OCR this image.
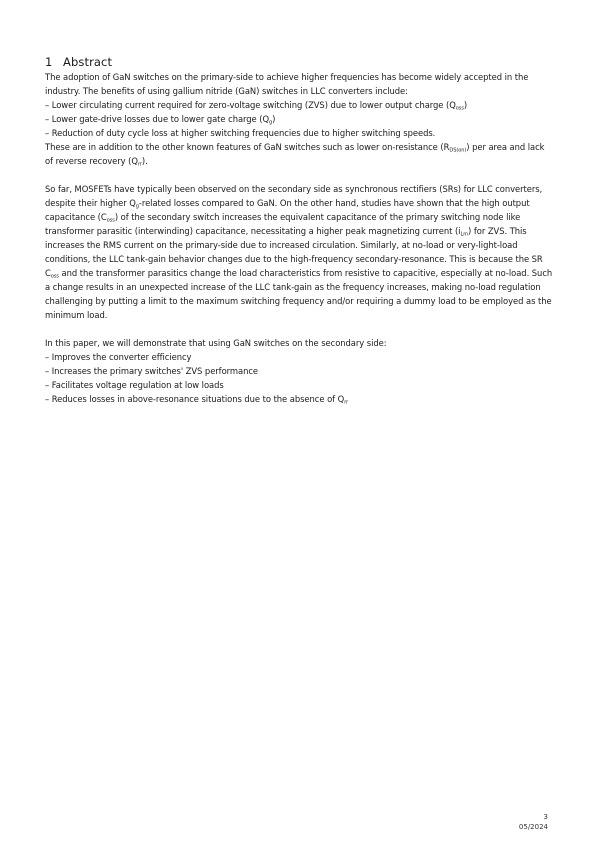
1 Abstract

The adoption of GaN switches on the primary-side to achieve higher frequencies has become widely accepted in the industry. The benefits of using gallium nitride (GaN) switches in LLC converters include:

– Lower circulating current required for zero-voltage switching (ZVS) due to lower output charge $(Q_{oss})$
– Lower gate-drive losses due to lower gate charge $(Q_g)$
– Reduction of duty cycle loss at higher switching frequencies due to higher switching speeds.

These are in addition to the other known features of GaN switches such as lower on-resistance $(R_{DS(on)})$ per area and lack of reverse recovery $(Q_{rr})$.

So far, MOSFETs have typically been observed on the secondary side as synchronous rectifiers (SRs) for LLC converters, despite their higher $Q_g$-related losses compared to GaN. On the other hand, studies have shown that the high output capacitance $(C_{oss})$ of the secondary switch increases the equivalent capacitance of the primary switching node like transformer parasitic (interwinding) capacitance, necessitating a higher peak magnetizing current $(i_{Lm})$ for ZVS. This increases the RMS current on the primary-side due to increased circulation. Similarly, at no-load or very-light-load conditions, the LLC tank-gain behavior changes due to the high-frequency secondary-resonance. This is because the SR $C_{oss}$ and the transformer parasitics change the load characteristics from resistive to capacitive, especially at no-load. Such a change results in an unexpected increase of the LLC tank-gain as the frequency increases, making no-load regulation challenging by putting a limit to the maximum switching frequency and/or requiring a dummy load to be employed as the minimum load.

In this paper, we will demonstrate that using GaN switches on the secondary side:

– Improves the converter efficiency
– Increases the primary switches' ZVS performance
– Facilitates voltage regulation at low loads
– Reduces losses in above-resonance situations due to the absence of $Q_{rr}$
3
05/2024
